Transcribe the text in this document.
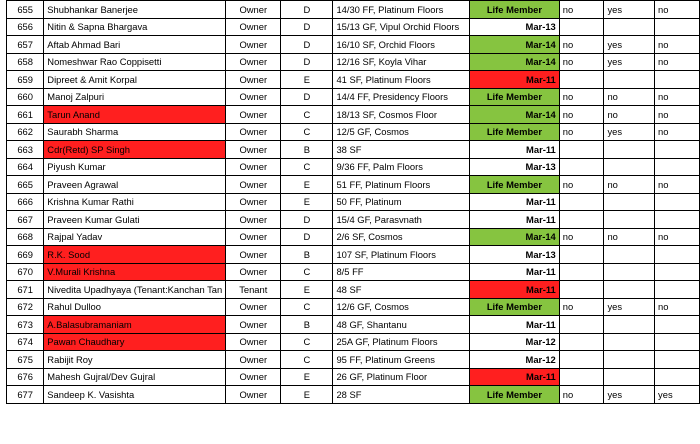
655	Shubhankar Banerjee	Owner	D	14/30 FF, Platinum Floors	Life Member	no	yes	no
656	Nitin & Sapna Bhargava	Owner	D	15/13 GF, Vipul Orchid Floors	Mar-13			
657	Aftab Ahmad Bari	Owner	D	16/10 SF, Orchid Floors	Mar-14	no	yes	no
658	Nomeshwar Rao Coppisetti	Owner	D	12/16 SF, Koyla Vihar	Mar-14	no	yes	no
659	Dipreet & Amit Korpal	Owner	E	41 SF, Platinum Floors	Mar-11			
660	Manoj Zalpuri	Owner	D	14/4 FF, Presidency Floors	Life Member	no	no	no
661	Tarun Anand	Owner	C	18/13 SF, Cosmos Floor	Mar-14	no	no	no
662	Saurabh Sharma	Owner	C	12/5 GF, Cosmos	Life Member	no	yes	no
663	Cdr(Retd) SP Singh	Owner	B	38 SF	Mar-11			
664	Piyush Kumar	Owner	C	9/36 FF, Palm Floors	Mar-13			
665	Praveen Agrawal	Owner	E	51 FF, Platinum Floors	Life Member	no	no	no
666	Krishna Kumar Rathi	Owner	E	50 FF, Platinum	Mar-11			
667	Praveen Kumar Gulati	Owner	D	15/4 GF, Parasvnath	Mar-11			
668	Rajpal Yadav	Owner	D	2/6 SF, Cosmos	Mar-14	no	no	no
669	R.K. Sood	Owner	B	107 SF, Platinum Floors	Mar-13			
670	V.Murali Krishna	Owner	C	8/5 FF	Mar-11			
671	Nivedita Upadhyaya (Tenant:Kanchan Tan	Tenant	E	48 SF	Mar-11			
672	Rahul Dulloo	Owner	C	12/6 GF, Cosmos	Life Member	no	yes	no
673	A.Balasubramaniam	Owner	B	48 GF, Shantanu	Mar-11			
674	Pawan Chaudhary	Owner	C	25A GF, Platinum Floors	Mar-12			
675	Rabijit Roy	Owner	C	95 FF, Platinum Greens	Mar-12			
676	Mahesh Gujral/Dev Gujral	Owner	E	26 GF, Platinum Floor	Mar-11			
677	Sandeep K. Vasishta	Owner	E	28 SF	Life Member	no	yes	yes
